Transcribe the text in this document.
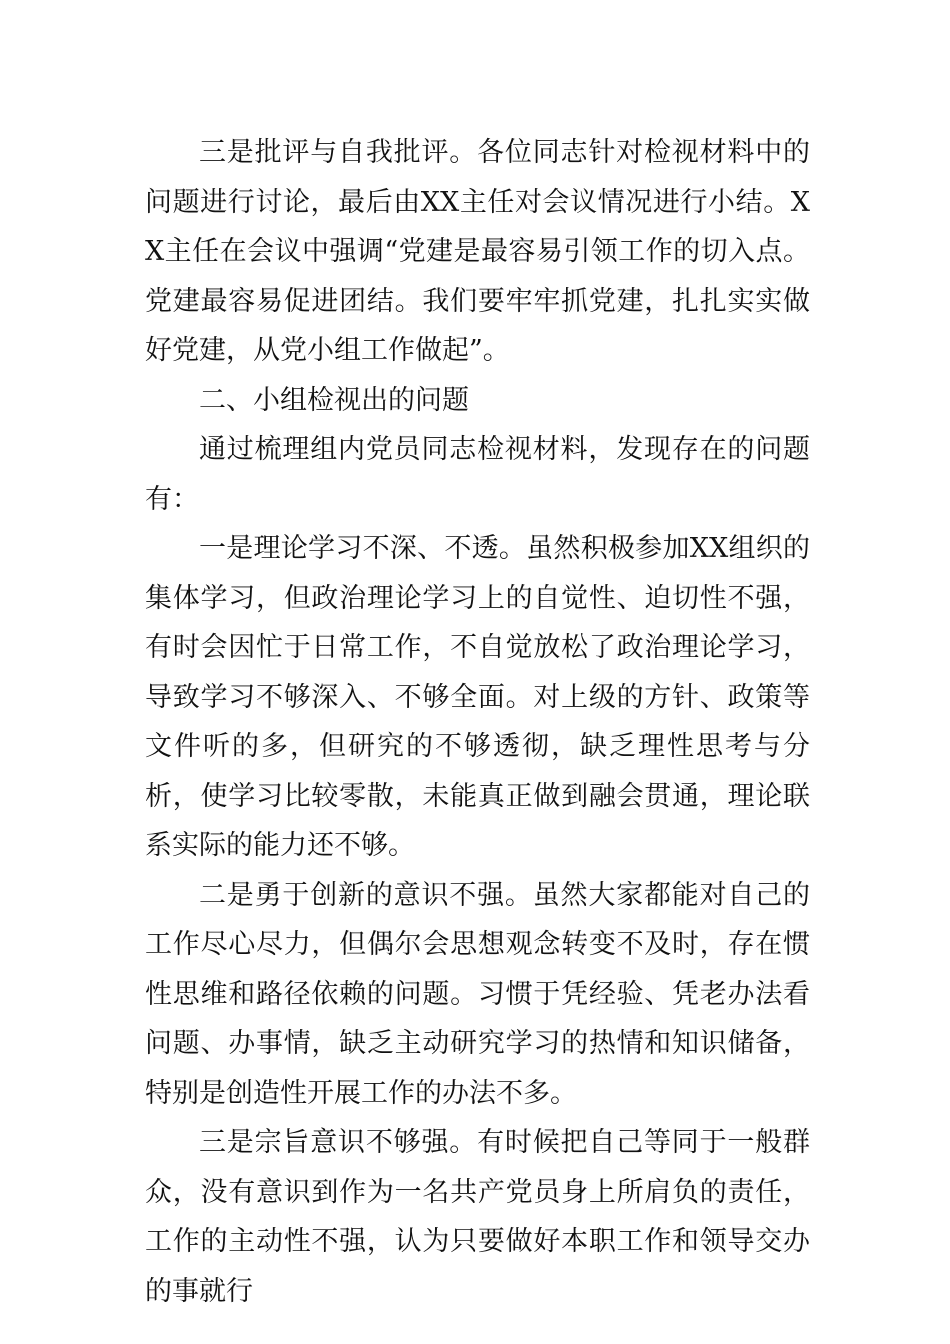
三是批评与自我批评。各位同志针对检视材料中的问题进行讨论，最后由XX主任对会议情况进行小结。XX主任在会议中强调“党建是最容易引领工作的切入点。党建最容易促进团结。我们要牢牢抓党建，扎扎实实做好党建，从党小组工作做起”。

二、小组检视出的问题

通过梳理组内党员同志检视材料，发现存在的问题有：

一是理论学习不深、不透。虽然积极参加XX组织的集体学习，但政治理论学习上的自觉性、迫切性不强，有时会因忙于日常工作，不自觉放松了政治理论学习，导致学习不够深入、不够全面。对上级的方针、政策等文件听的多，但研究的不够透彻，缺乏理性思考与分析，使学习比较零散，未能真正做到融会贯通，理论联系实际的能力还不够。

二是勇于创新的意识不强。虽然大家都能对自己的工作尽心尽力，但偶尔会思想观念转变不及时，存在惯性思维和路径依赖的问题。习惯于凭经验、凭老办法看问题、办事情，缺乏主动研究学习的热情和知识储备，特别是创造性开展工作的办法不多。

三是宗旨意识不够强。有时候把自己等同于一般群众，没有意识到作为一名共产党员身上所肩负的责任，工作的主动性不强，认为只要做好本职工作和领导交办的事就行
